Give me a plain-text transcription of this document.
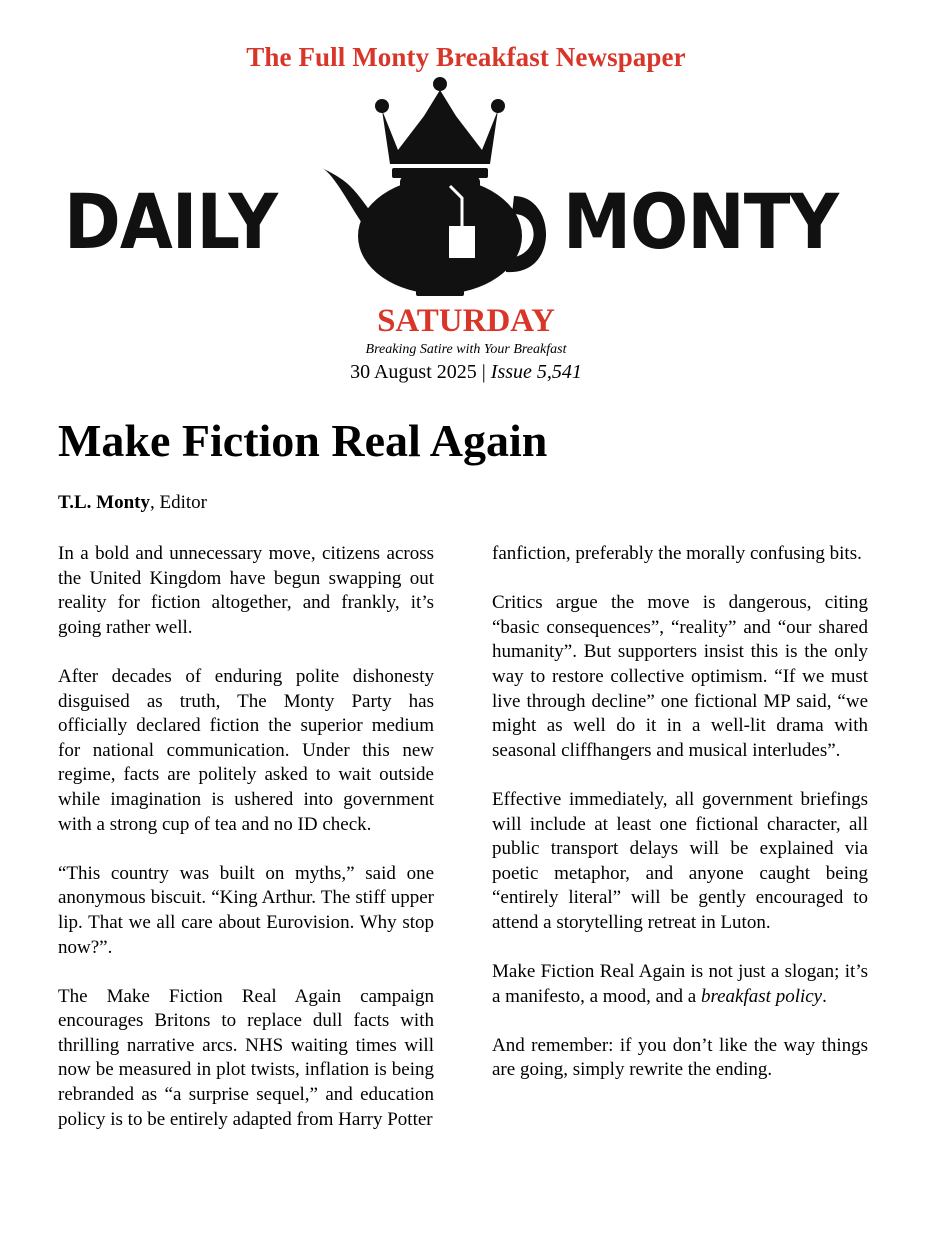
The Full Monty Breakfast Newspaper
DAILY	MONTY
SATURDAY
Breaking Satire with Your Breakfast
30 August 2025 | Issue 5,541
Make Fiction Real Again
T.L. Monty, Editor

In a bold and unnecessary move, citizens across the United Kingdom have begun swapping out reality for fiction altogether, and frankly, it’s going rather well.

After decades of enduring polite dishonesty disguised as truth, The Monty Party has officially declared fiction the superior medium for national communication. Under this new regime, facts are politely asked to wait outside while imagination is ushered into government with a strong cup of tea and no ID check.

“This country was built on myths,” said one anonymous biscuit. “King Arthur. The stiff upper lip. That we all care about Eurovision. Why stop now?”.

The Make Fiction Real Again campaign encourages Britons to replace dull facts with thrilling narrative arcs. NHS waiting times will now be measured in plot twists, inflation is being rebranded as “a surprise sequel,” and education policy is to be entirely adapted from Harry Potter

fanfiction, preferably the morally confusing bits.

Critics argue the move is dangerous, citing “basic consequences”, “reality” and “our shared humanity”. But supporters insist this is the only way to restore collective optimism. “If we must live through decline” one fictional MP said, “we might as well do it in a well-lit drama with seasonal cliffhangers and musical interludes”.

Effective immediately, all government briefings will include at least one fictional character, all public transport delays will be explained via poetic metaphor, and anyone caught being “entirely literal” will be gently encouraged to attend a storytelling retreat in Luton.

Make Fiction Real Again is not just a slogan; it’s a manifesto, a mood, and a breakfast policy.

And remember: if you don’t like the way things are going, simply rewrite the ending.
